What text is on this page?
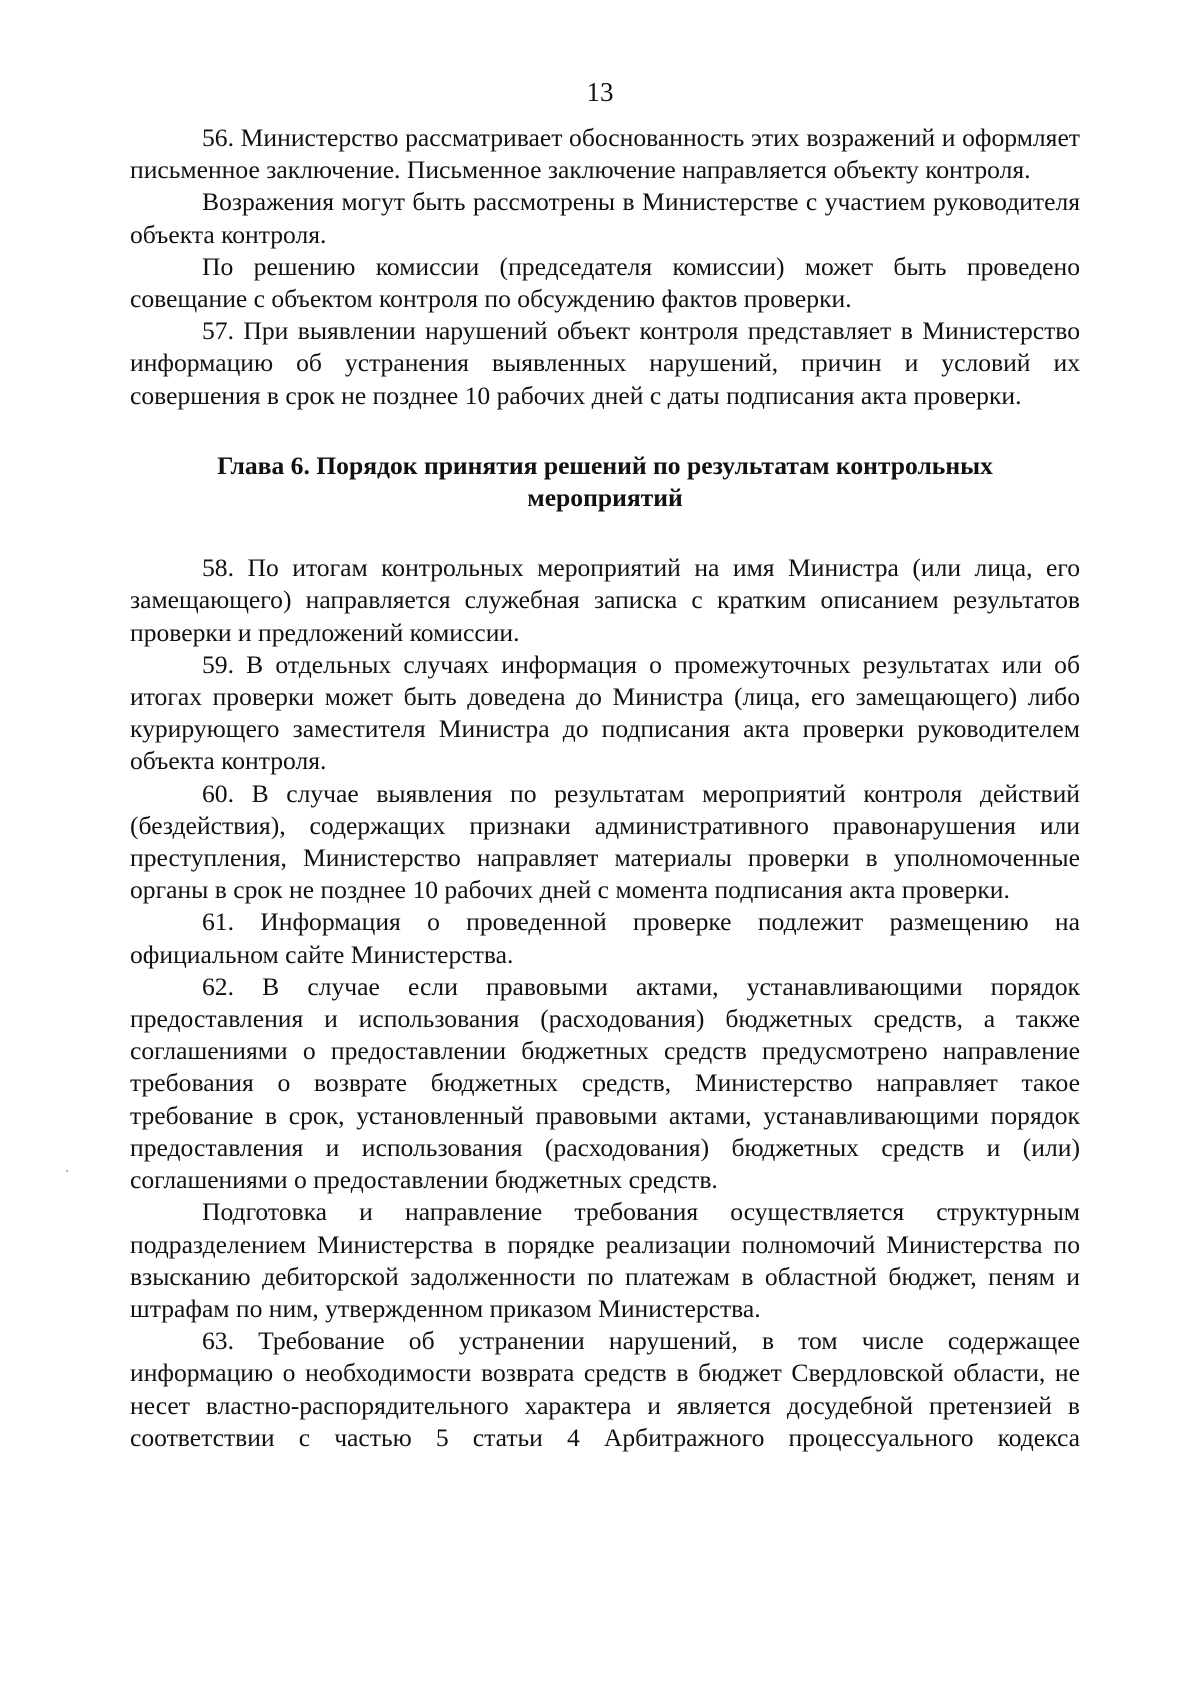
13

56. Министерство рассматривает обоснованность этих возражений и оформляет письменное заключение. Письменное заключение направляется объекту контроля.

Возражения могут быть рассмотрены в Министерстве с участием руководителя объекта контроля.

По решению комиссии (председателя комиссии) может быть проведено совещание с объектом контроля по обсуждению фактов проверки.

57. При выявлении нарушений объект контроля представляет в Министерство информацию об устранения выявленных нарушений, причин и условий их совершения в срок не позднее 10 рабочих дней с даты подписания акта проверки.

Глава 6. Порядок принятия решений по результатам контрольных мероприятий

58. По итогам контрольных мероприятий на имя Министра (или лица, его замещающего) направляется служебная записка с кратким описанием результатов проверки и предложений комиссии.

59. В отдельных случаях информация о промежуточных результатах или об итогах проверки может быть доведена до Министра (лица, его замещающего) либо курирующего заместителя Министра до подписания акта проверки руководителем объекта контроля.

60. В случае выявления по результатам мероприятий контроля действий (бездействия), содержащих признаки административного правонарушения или преступления, Министерство направляет материалы проверки в уполномоченные органы в срок не позднее 10 рабочих дней с момента подписания акта проверки.

61. Информация о проведенной проверке подлежит размещению на официальном сайте Министерства.

62. В случае если правовыми актами, устанавливающими порядок предоставления и использования (расходования) бюджетных средств, а также соглашениями о предоставлении бюджетных средств предусмотрено направление требования о возврате бюджетных средств, Министерство направляет такое требование в срок, установленный правовыми актами, устанавливающими порядок предоставления и использования (расходования) бюджетных средств и (или) соглашениями о предоставлении бюджетных средств.

Подготовка и направление требования осуществляется структурным подразделением Министерства в порядке реализации полномочий Министерства по взысканию дебиторской задолженности по платежам в областной бюджет, пеням и штрафам по ним, утвержденном приказом Министерства.

63. Требование об устранении нарушений, в том числе содержащее информацию о необходимости возврата средств в бюджет Свердловской области, не несет властно-распорядительного характера и является досудебной претензией в соответствии с частью 5 статьи 4 Арбитражного процессуального кодекса
